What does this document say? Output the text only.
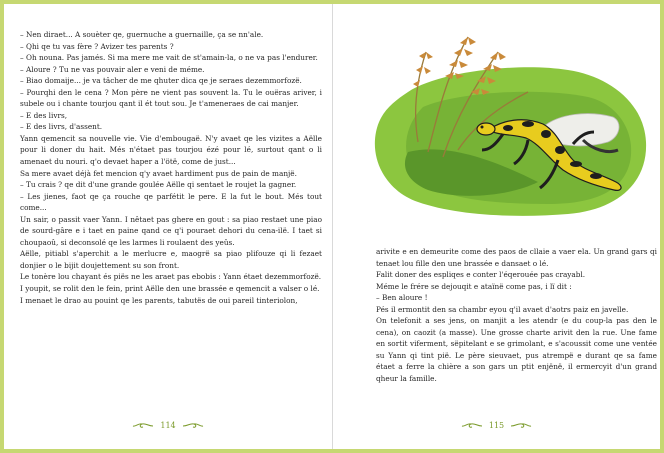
– Nen diraet... A souèter qe, guernuche a guernaille, ça se nn'ale.

– Qhi qe tu vas fère ? Avizer tes parents ?

– Oh nouna. Pas jamés. Si ma mere me vait de st'amain-la, o ne va pas l'endurer.

– Aloure ? Tu ne vas pouvair aler e veni de méme.

– Biao domaije... je va tâcher de me qhuter dica qe je seraes dezemmorfozë.

– Pourqhi den le cena ? Mon père ne vient pas souvent la. Tu le ouëras ariver, i subele ou i chante tourjou qant il ét tout sou. Je t'ameneraes de cai manjer.

– E des livrs,

– E des livrs, d'assent.

Yann qemencit sa nouvelle vie. Vie d'embougaë. N'y avaet qe les vizites a Aëlle pour li doner du hait. Més n'étaet pas tourjou ézé pour lé, surtout qant o li amenaet du nouri. q'o devaet haper a l'ötë, come de just...

Sa mere avaet déjà fet mencion q'y avaet hardiment pus de pain de manjë.

– Tu crais ? qe dit d'une grande goulée Aëlle qi sentaet le roujet la gagner.

– Les jienes, faot qe ça rouche qe parfétit le pere. E la fut le bout. Més tout come...

Un sair, o passit vaer Yann. I nêtaet pas ghere en gout : sa piao restaet une piao de sourd-gâre e i taet en paine qand ce q'i pouraet dehori du cena-ilë. I taet si choupaoû, si deconsolé qe les larmes li roulaent des yeûs.

Aëlle, pitiabl s'aperchit a le merlucre e, maogrë sa piao plifouze qi li fezaet donjier o le bijit doujettement su son front.

Le tonère lou chayant és piës ne les araet pas ebobis : Yann étaet dezemmorfozë.

I youpit, se rolit den le fein, print Aëlle den une brassée e qemencit a valser o lé.

I menaet le drao au pouint qe les parents, tabutës de oui pareil tinteriolon,

114

arivite e en demeurite come des paos de cllaie a vaer ela. Un grand gars qi tenaet lou fille den une brassée e dansaet o lé.

Falit doner des espliqes e conter l'éqerouée pas crayabl.

Méme le frére se dejouqit e ataïnë come pas, i lï dit :

– Ben aloure !

Pés il ermontit den sa chambr eyou q'il avaet d'aotrs paiz en javelle.

On telefonit a ses jens, on manjit a les atendr (e du coup-la pas den le cena), on caozit (a masse). Une grosse charte arivit den la rue. Une fame en sortit viferment, sëpitelant e se grimolant, e s'acoussit come une ventée su Yann qi tint pië. Le père sieuvaet, pus atrempë e durant qe sa fame étaet a ferre la chière a son gars un ptit enjënë, il ermercyit d'un grand qheur la famille.

115
